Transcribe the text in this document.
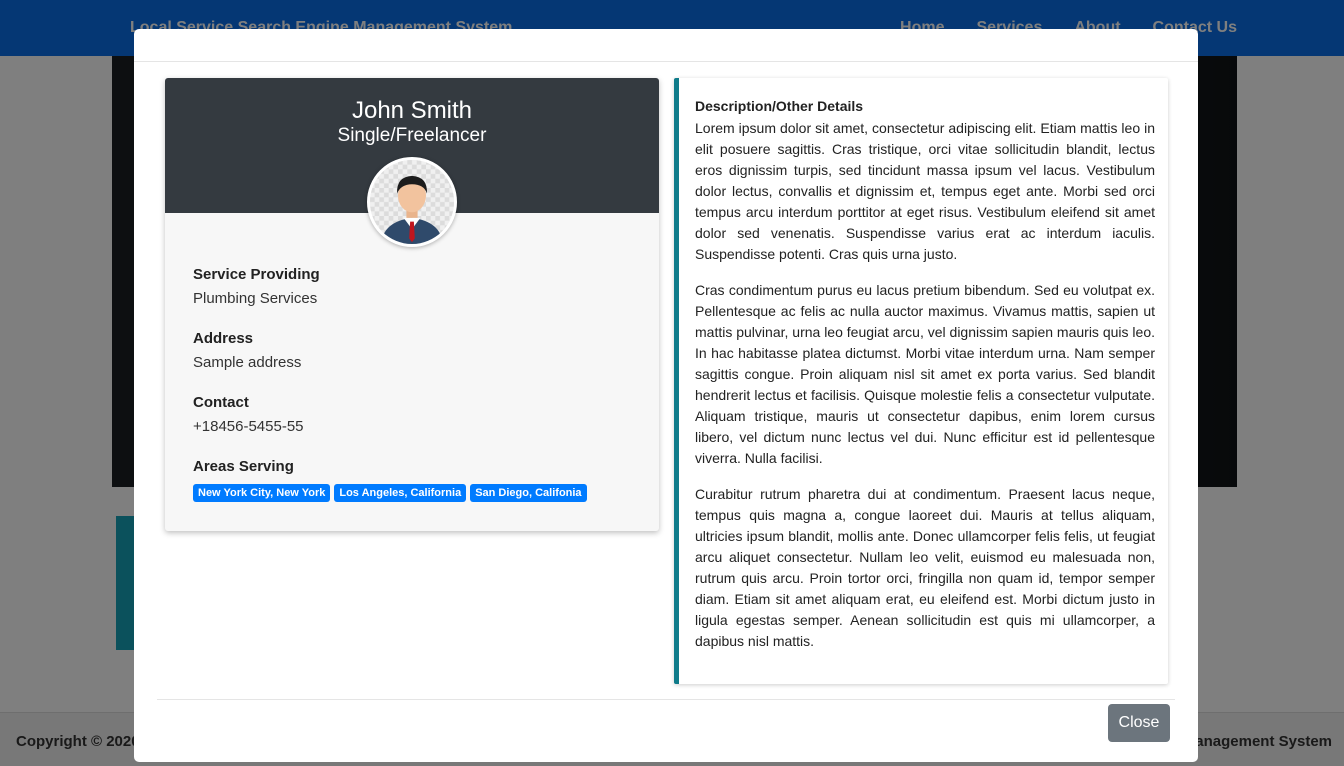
John Smith
Single/Freelancer
Service Providing
Plumbing Services
Address
Sample address
Contact
+18456-5455-55
Areas Serving
New York City, New York	Los Angeles, California	San Diego, Califonia
Description/Other Details

Lorem ipsum dolor sit amet, consectetur adipiscing elit. Etiam mattis leo in elit posuere sagittis. Cras tristique, orci vitae sollicitudin blandit, lectus eros dignissim turpis, sed tincidunt massa ipsum vel lacus. Vestibulum dolor lectus, convallis et dignissim et, tempus eget ante. Morbi sed orci tempus arcu interdum porttitor at eget risus. Vestibulum eleifend sit amet dolor sed venenatis. Suspendisse varius erat ac interdum iaculis. Suspendisse potenti. Cras quis urna justo.

Cras condimentum purus eu lacus pretium bibendum. Sed eu volutpat ex. Pellentesque ac felis ac nulla auctor maximus. Vivamus mattis, sapien ut mattis pulvinar, urna leo feugiat arcu, vel dignissim sapien mauris quis leo. In hac habitasse platea dictumst. Morbi vitae interdum urna. Nam semper sagittis congue. Proin aliquam nisl sit amet ex porta varius. Sed blandit hendrerit lectus et facilisis. Quisque molestie felis a consectetur vulputate. Aliquam tristique, mauris ut consectetur dapibus, enim lorem cursus libero, vel dictum nunc lectus vel dui. Nunc efficitur est id pellentesque viverra. Nulla facilisi.

Curabitur rutrum pharetra dui at condimentum. Praesent lacus neque, tempus quis magna a, congue laoreet dui. Mauris at tellus aliquam, ultricies ipsum blandit, mollis ante. Donec ullamcorper felis felis, ut feugiat arcu aliquet consectetur. Nullam leo velit, euismod eu malesuada non, rutrum quis arcu. Proin tortor orci, fringilla non quam id, tempor semper diam. Etiam sit amet aliquam erat, eu eleifend est. Morbi dictum justo in ligula egestas semper. Aenean sollicitudin est quis mi ullamcorper, a dapibus nisl mattis.

Close
